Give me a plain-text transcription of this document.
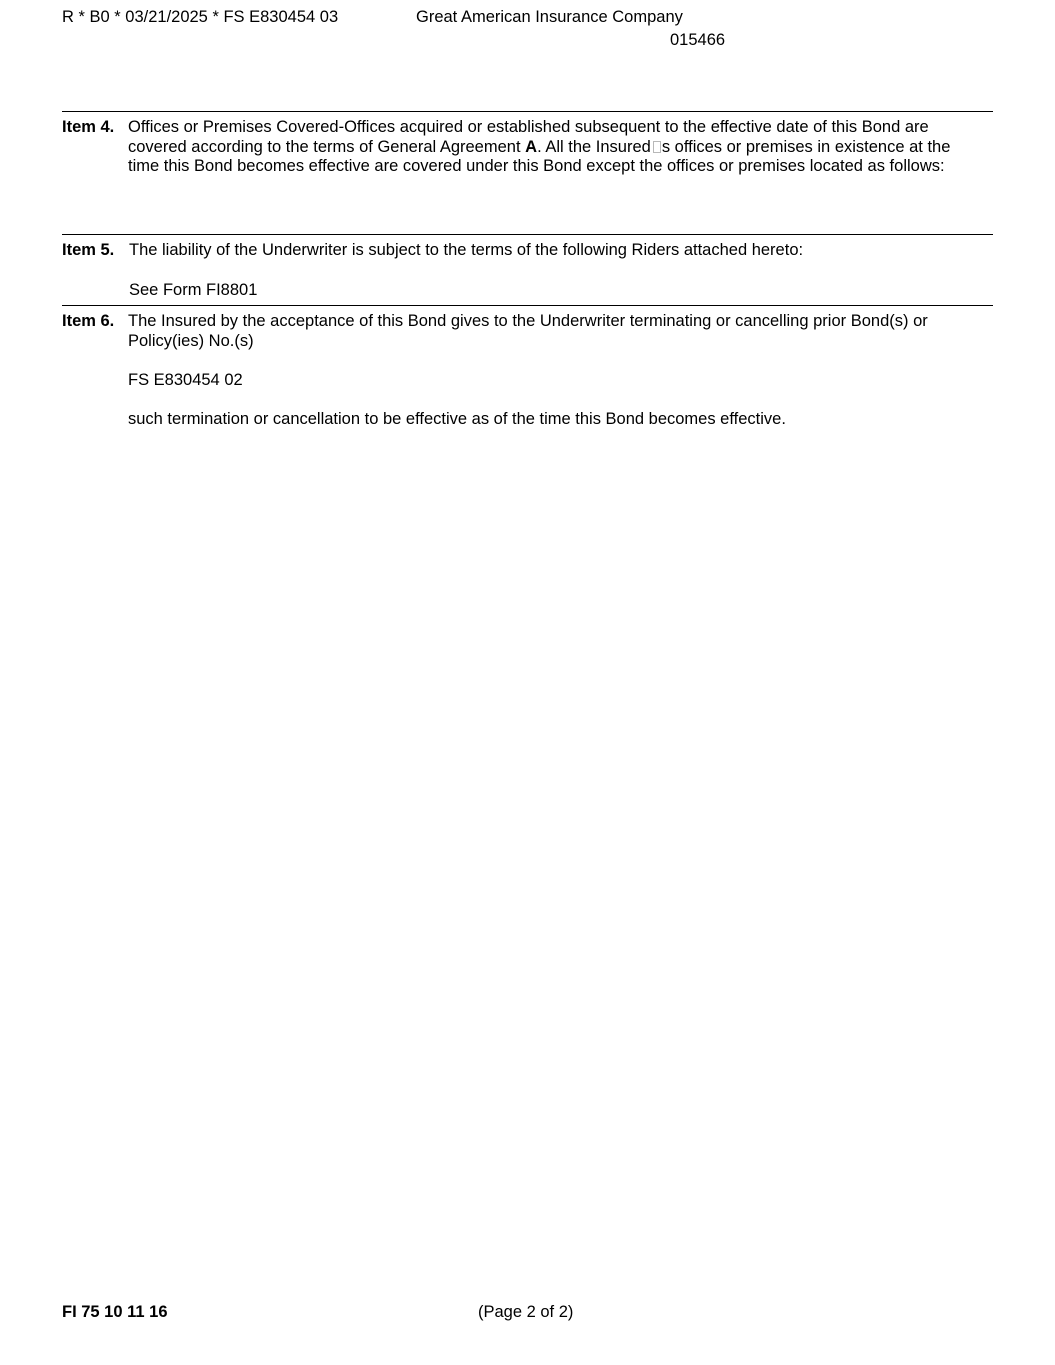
R * B0 * 03/21/2025 * FS E830454 03	Great American Insurance Company
015466
Item 4. Offices or Premises Covered-Offices acquired or established subsequent to the effective date of this Bond are covered according to the terms of General Agreement A. All the Insured s offices or premises in existence at the time this Bond becomes effective are covered under this Bond except the offices or premises located as follows:
Item 5. The liability of the Underwriter is subject to the terms of the following Riders attached hereto:
See Form FI8801
Item 6. The Insured by the acceptance of this Bond gives to the Underwriter terminating or cancelling prior Bond(s) or Policy(ies) No.(s)
FS E830454 02
such termination or cancellation to be effective as of the time this Bond becomes effective.
FI 75 10 11 16	(Page 2 of 2)
